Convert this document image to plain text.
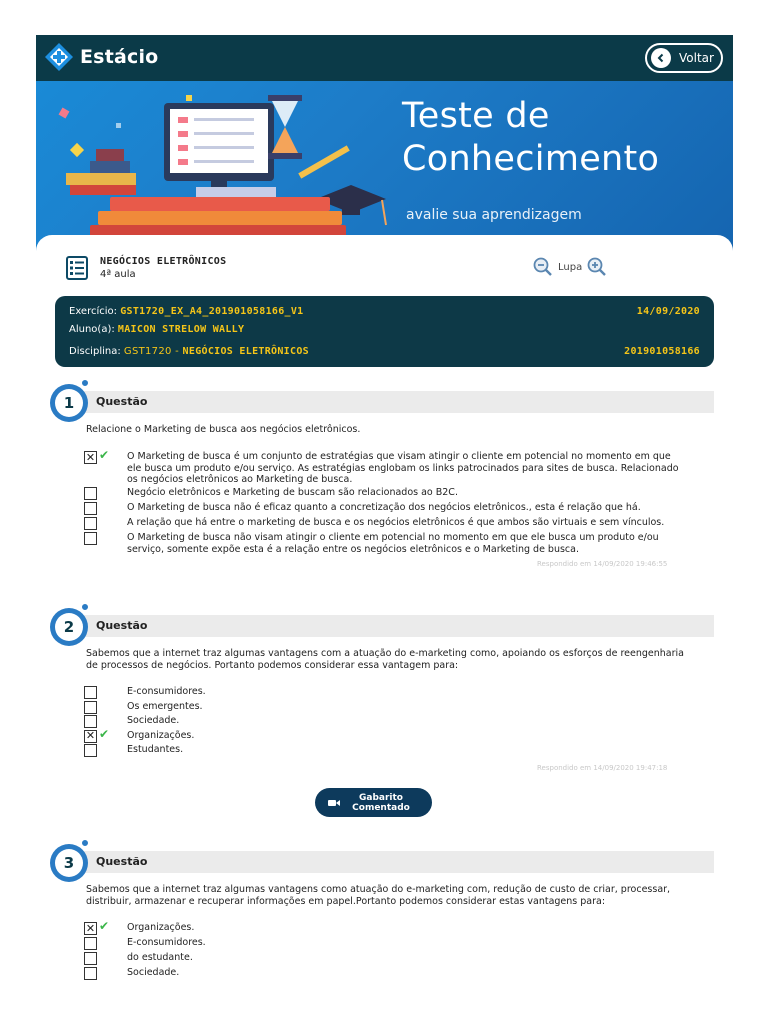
Estácio	Voltar
Teste de
Conhecimento
avalie sua aprendizagem
NEGÓCIOS ELETRÔNICOS
4ª aula
Lupa
Exercício: GST1720_EX_A4_201901058166_V1	14/09/2020
Aluno(a): MAICON STRELOW WALLY
Disciplina: GST1720 - NEGÓCIOS ELETRÔNICOS	201901058166
Questão
1
Relacione o Marketing de busca aos negócios eletrônicos.
✕ ✔ O Marketing de busca é um conjunto de estratégias que visam atingir o cliente em potencial no momento em que ele busca um produto e/ou serviço. As estratégias englobam os links patrocinados para sites de busca. Relacionado os negócios eletrônicos ao Marketing de busca.
Negócio eletrônicos e Marketing de buscam são relacionados ao B2C.
O Marketing de busca não é eficaz quanto a concretização dos negócios eletrônicos., esta é relação que há.
A relação que há entre o marketing de busca e os negócios eletrônicos é que ambos são virtuais e sem vínculos.
O Marketing de busca não visam atingir o cliente em potencial no momento em que ele busca um produto e/ou serviço, somente expõe esta é a relação entre os negócios eletrônicos e o Marketing de busca.
Respondido em 14/09/2020 19:46:55
Questão
2
Sabemos que a internet traz algumas vantagens com a atuação do e-marketing como, apoiando os esforços de reengenharia de processos de negócios. Portanto podemos considerar essa vantagem para:
E-consumidores.
Os emergentes.
Sociedade.
✕ ✔ Organizações.
Estudantes.
Respondido em 14/09/2020 19:47:18
Gabarito Comentado
Questão
3
Sabemos que a internet traz algumas vantagens como atuação do e-marketing com, redução de custo de criar, processar, distribuir, armazenar e recuperar informações em papel.Portanto podemos considerar estas vantagens para:
✕ ✔ Organizações.
E-consumidores.
do estudante.
Sociedade.
